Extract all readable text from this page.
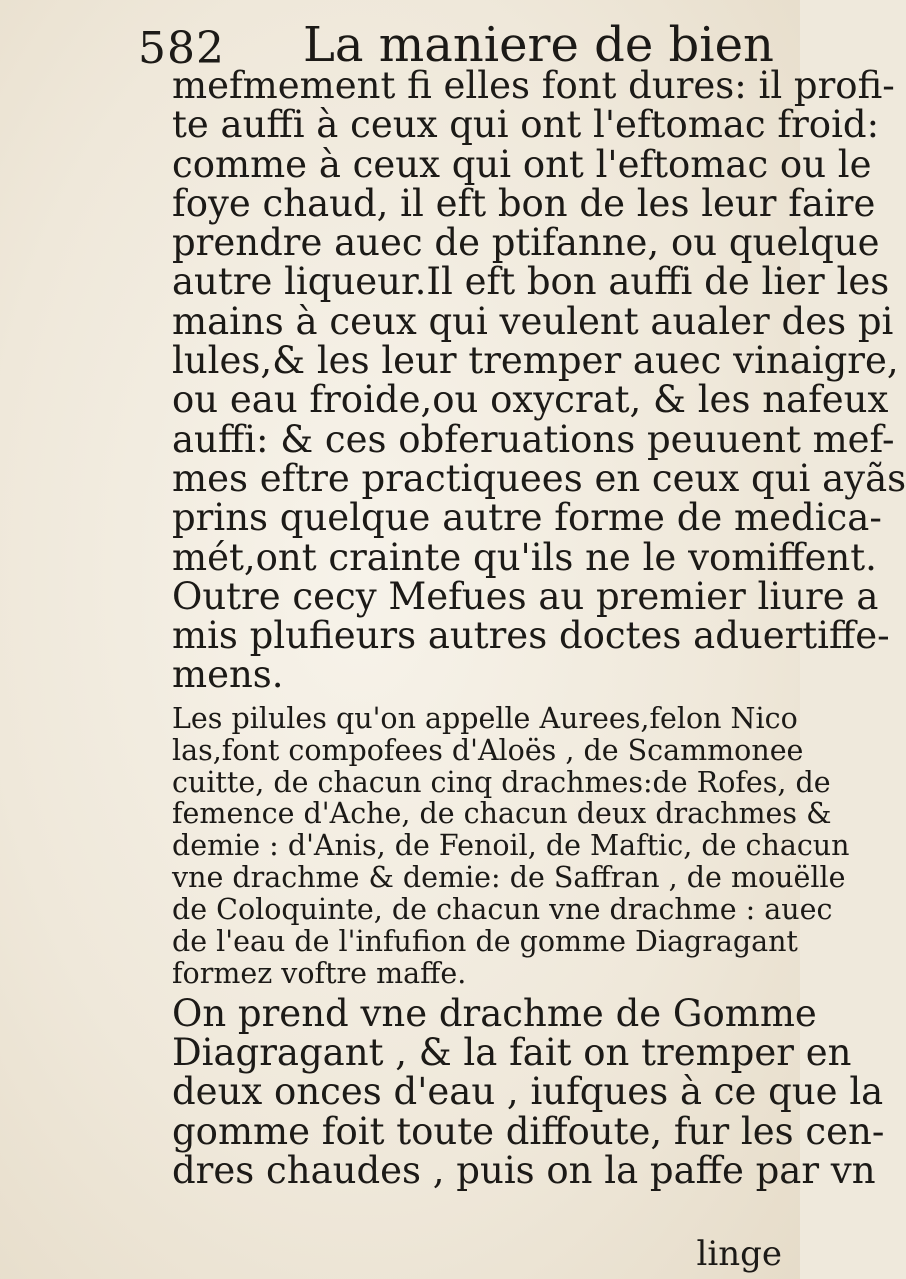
582 La maniere de bien
mefmement fi elles font dures: il profi-
te auffi à ceux qui ont l'eftomac froid:
comme à ceux qui ont l'eftomac ou le
foye chaud, il eft bon de les leur faire
prendre auec de ptifanne, ou quelque
autre liqueur.Il eft bon auffi de lier les
mains à ceux qui veulent aualer des pi
lules,& les leur tremper auec vinaigre,
ou eau froide,ou oxycrat, & les nafeux
auffi: & ces obferuations peuuent mef-
mes eftre practiquees en ceux qui ayãs
prins quelque autre forme de medica-
mét,ont crainte qu'ils ne le vomiffent.
Outre cecy Mefues au premier liure a
mis plufieurs autres doctes aduertiffe-
mens.
Les pilules qu'on appelle Aurees,felon Nico
las,font compofees d'Aloës , de Scammonee
cuitte, de chacun cinq drachmes:de Rofes, de
femence d'Ache, de chacun deux drachmes &
demie : d'Anis, de Fenoil, de Maftic, de chacun
vne drachme & demie: de Saffran , de mouëlle
de Coloquinte, de chacun vne drachme : auec
de l'eau de l'infufion de gomme Diagragant
formez voftre maffe.
On prend vne drachme de Gomme
Diagragant , & la fait on tremper en
deux onces d'eau , iufques à ce que la
gomme foit toute diffoute, fur les cen-
dres chaudes , puis on la paffe par vn
linge
